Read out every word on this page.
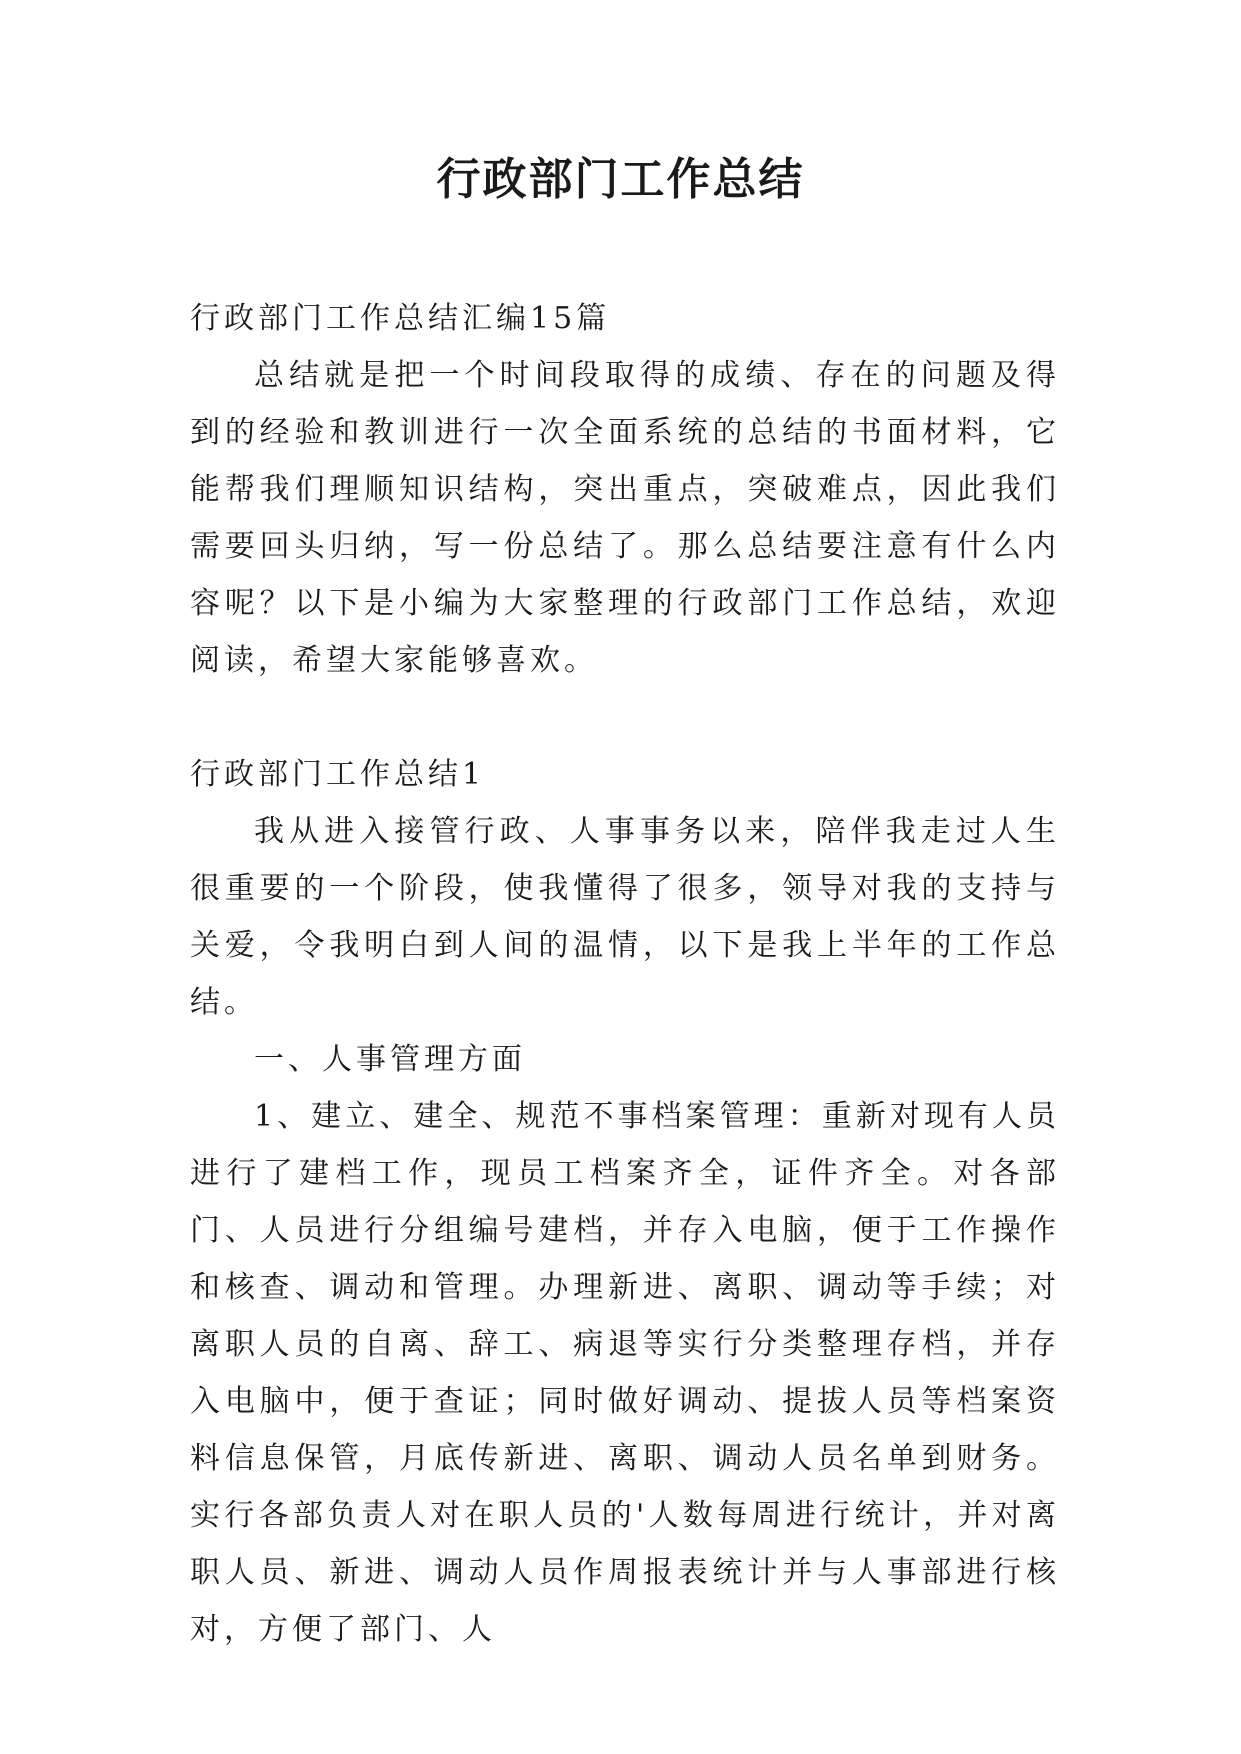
行政部门工作总结

行政部门工作总结汇编15篇

总结就是把一个时间段取得的成绩、存在的问题及得到的经验和教训进行一次全面系统的总结的书面材料，它能帮我们理顺知识结构，突出重点，突破难点，因此我们需要回头归纳，写一份总结了。那么总结要注意有什么内容呢？以下是小编为大家整理的行政部门工作总结，欢迎阅读，希望大家能够喜欢。

行政部门工作总结1

我从进入接管行政、人事事务以来，陪伴我走过人生很重要的一个阶段，使我懂得了很多，领导对我的支持与关爱，令我明白到人间的温情，以下是我上半年的工作总结。

一、人事管理方面

1、建立、建全、规范不事档案管理：重新对现有人员进行了建档工作，现员工档案齐全，证件齐全。对各部门、人员进行分组编号建档，并存入电脑，便于工作操作和核查、调动和管理。办理新进、离职、调动等手续；对离职人员的自离、辞工、病退等实行分类整理存档，并存入电脑中，便于查证；同时做好调动、提拔人员等档案资料信息保管，月底传新进、离职、调动人员名单到财务。实行各部负责人对在职人员的'人数每周进行统计，并对离职人员、新进、调动人员作周报表统计并与人事部进行核对，方便了部门、人
